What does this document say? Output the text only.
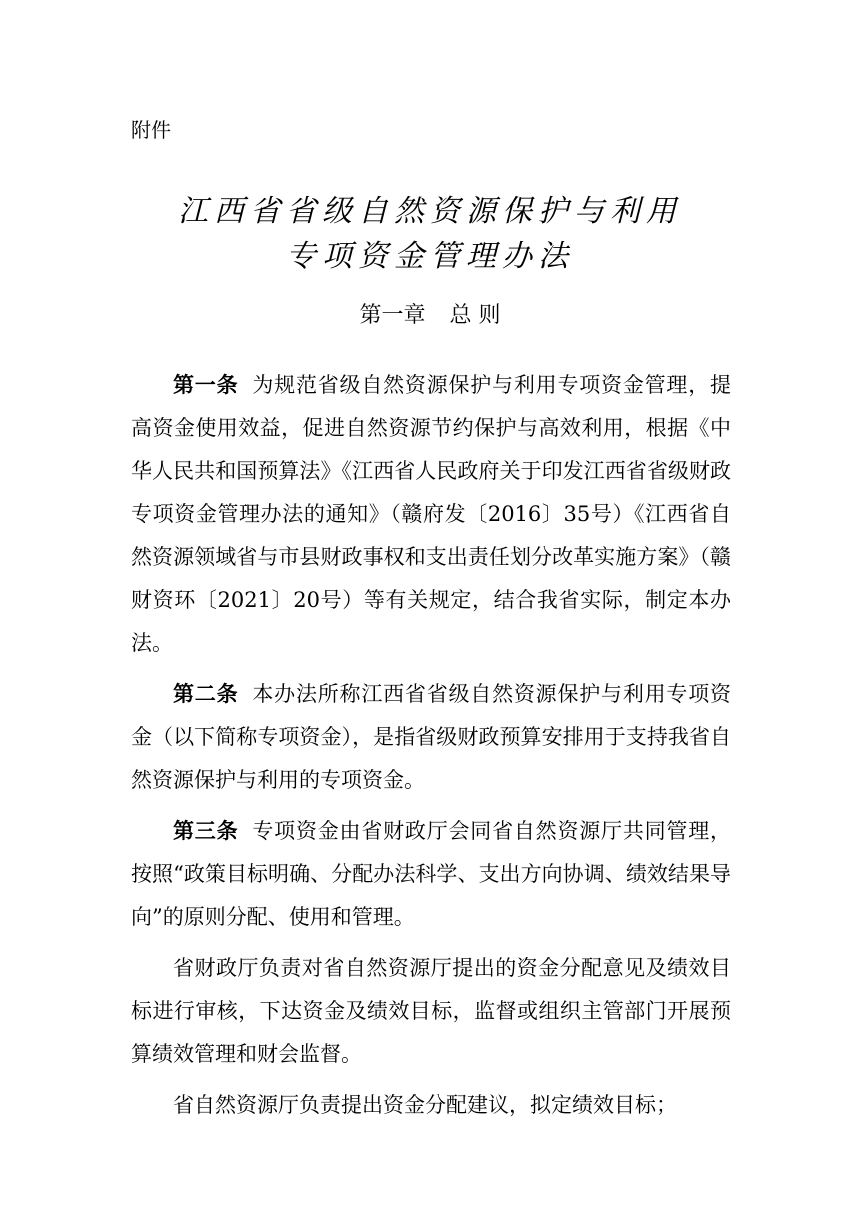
附件
江西省省级自然资源保护与利用
专项资金管理办法
第一章 总 则

第一条 为规范省级自然资源保护与利用专项资金管理，提高资金使用效益，促进自然资源节约保护与高效利用，根据《中华人民共和国预算法》《江西省人民政府关于印发江西省省级财政专项资金管理办法的通知》（赣府发〔2016〕35号）《江西省自然资源领域省与市县财政事权和支出责任划分改革实施方案》（赣财资环〔2021〕20号）等有关规定，结合我省实际，制定本办法。

第二条 本办法所称江西省省级自然资源保护与利用专项资金（以下简称专项资金），是指省级财政预算安排用于支持我省自然资源保护与利用的专项资金。

第三条 专项资金由省财政厅会同省自然资源厅共同管理，按照“政策目标明确、分配办法科学、支出方向协调、绩效结果导向”的原则分配、使用和管理。

省财政厅负责对省自然资源厅提出的资金分配意见及绩效目标进行审核，下达资金及绩效目标，监督或组织主管部门开展预算绩效管理和财会监督。

省自然资源厅负责提出资金分配建议，拟定绩效目标；
